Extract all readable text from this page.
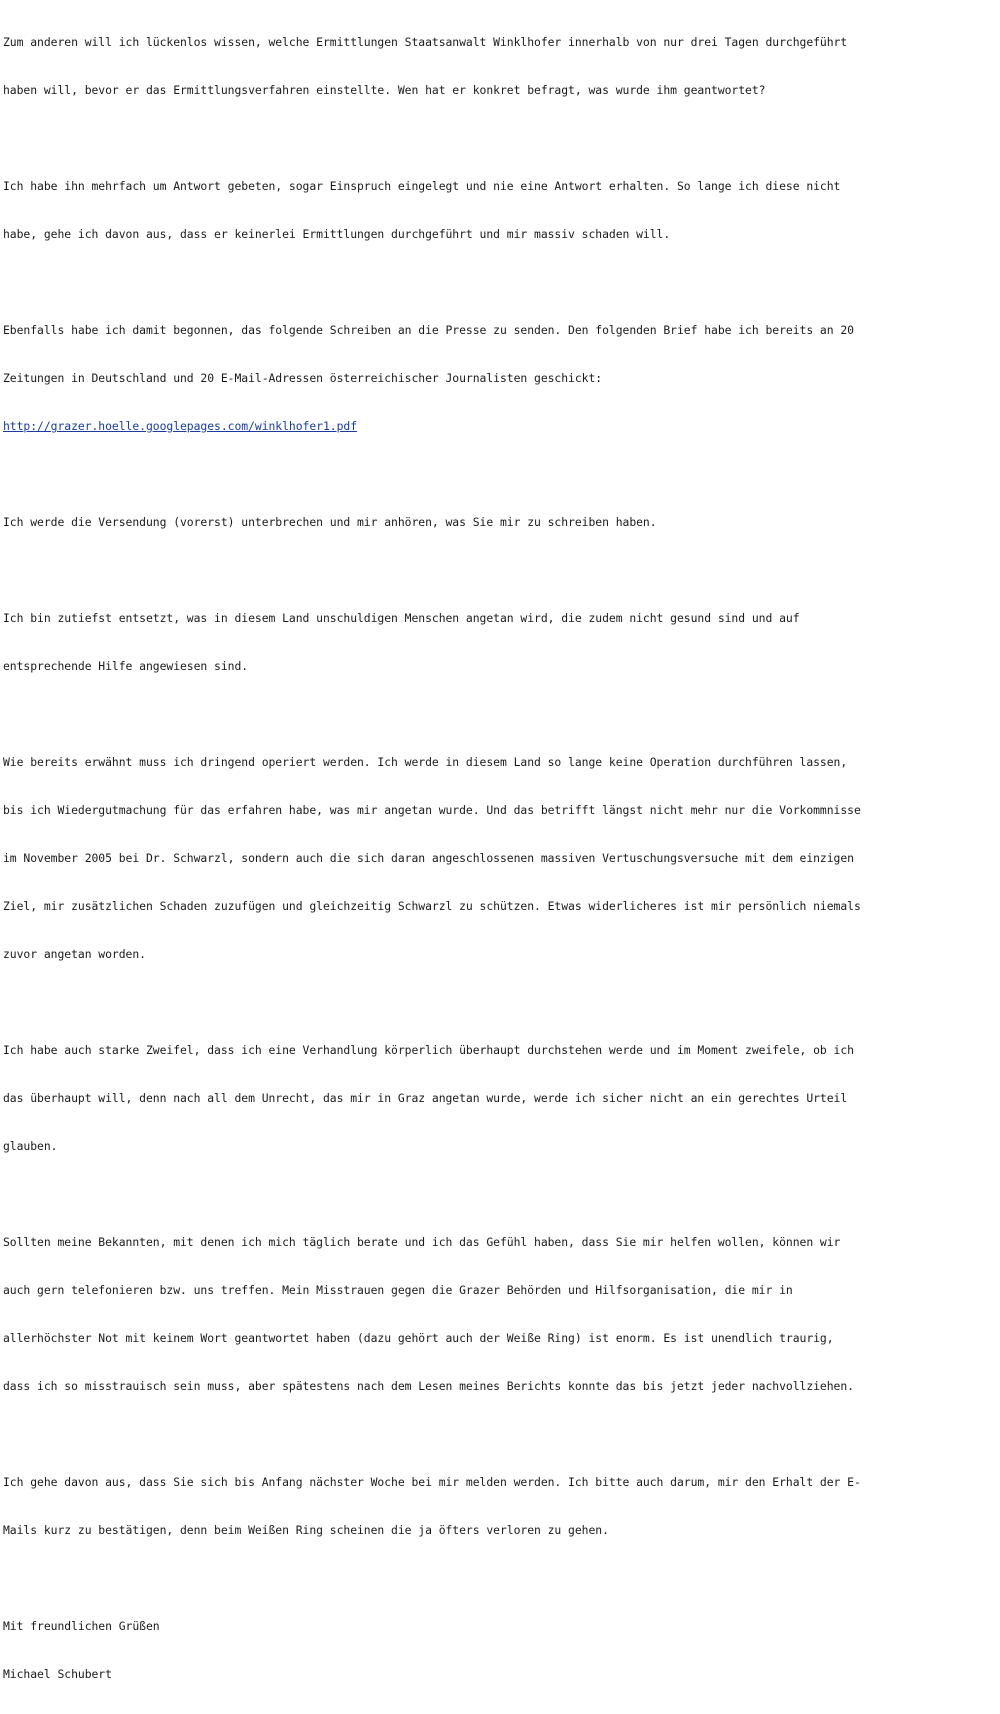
Zum anderen will ich lückenlos wissen, welche Ermittlungen Staatsanwalt Winklhofer innerhalb von nur drei Tagen durchgeführt

haben will, bevor er das Ermittlungsverfahren einstellte. Wen hat er konkret befragt, was wurde ihm geantwortet?

Ich habe ihn mehrfach um Antwort gebeten, sogar Einspruch eingelegt und nie eine Antwort erhalten. So lange ich diese nicht

habe, gehe ich davon aus, dass er keinerlei Ermittlungen durchgeführt und mir massiv schaden will.

Ebenfalls habe ich damit begonnen, das folgende Schreiben an die Presse zu senden. Den folgenden Brief habe ich bereits an 20

Zeitungen in Deutschland und 20 E-Mail-Adressen österreichischer Journalisten geschickt:

http://grazer.hoelle.googlepages.com/winklhofer1.pdf

Ich werde die Versendung (vorerst) unterbrechen und mir anhören, was Sie mir zu schreiben haben.

Ich bin zutiefst entsetzt, was in diesem Land unschuldigen Menschen angetan wird, die zudem nicht gesund sind und auf

entsprechende Hilfe angewiesen sind.

Wie bereits erwähnt muss ich dringend operiert werden. Ich werde in diesem Land so lange keine Operation durchführen lassen,

bis ich Wiedergutmachung für das erfahren habe, was mir angetan wurde. Und das betrifft längst nicht mehr nur die Vorkommnisse

im November 2005 bei Dr. Schwarzl, sondern auch die sich daran angeschlossenen massiven Vertuschungsversuche mit dem einzigen

Ziel, mir zusätzlichen Schaden zuzufügen und gleichzeitig Schwarzl zu schützen. Etwas widerlicheres ist mir persönlich niemals

zuvor angetan worden.

Ich habe auch starke Zweifel, dass ich eine Verhandlung körperlich überhaupt durchstehen werde und im Moment zweifele, ob ich

das überhaupt will, denn nach all dem Unrecht, das mir in Graz angetan wurde, werde ich sicher nicht an ein gerechtes Urteil

glauben.

Sollten meine Bekannten, mit denen ich mich täglich berate und ich das Gefühl haben, dass Sie mir helfen wollen, können wir

auch gern telefonieren bzw. uns treffen. Mein Misstrauen gegen die Grazer Behörden und Hilfsorganisation, die mir in

allerhöchster Not mit keinem Wort geantwortet haben (dazu gehört auch der Weiße Ring) ist enorm. Es ist unendlich traurig,

dass ich so misstrauisch sein muss, aber spätestens nach dem Lesen meines Berichts konnte das bis jetzt jeder nachvollziehen.

Ich gehe davon aus, dass Sie sich bis Anfang nächster Woche bei mir melden werden. Ich bitte auch darum, mir den Erhalt der E-

Mails kurz zu bestätigen, denn beim Weißen Ring scheinen die ja öfters verloren zu gehen.

Mit freundlichen Grüßen

Michael Schubert
